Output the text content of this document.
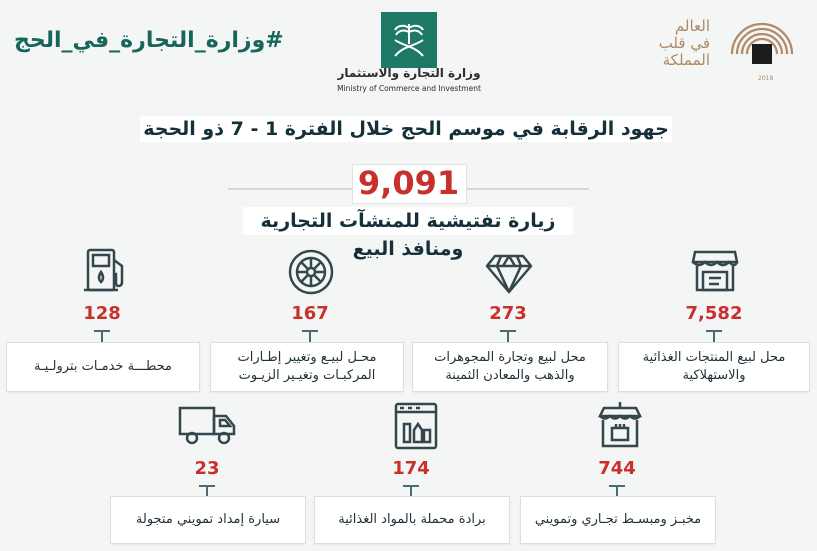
#وزارة_التجارة_في_الحج
وزارة التجارة والاستثمار
Ministry of Commerce and Investment
العالم
في قلب
المملكة
2018
جهود الرقابة في موسم الحج خلال الفترة 1 - 7 ذو الحجة
9,091
زيارة تفتيشية للمنشآت التجارية ومنافذ البيع
7,582
273
167
128
محل لبيع المنتجات الغذائية والاستهلاكية
محل لبيع وتجارة المجوهرات والذهب والمعادن الثمينة
محـل لبيـع وتغيير إطـارات المركبـات وتغيـير الزيـوت
محطـــة خدمـات بترولـيـة
744
174
23
مخبـز ومبسـط تجـاري وتمويني
برادة محملة بالمواد الغذائية
سيارة إمداد تمويني متجولة
